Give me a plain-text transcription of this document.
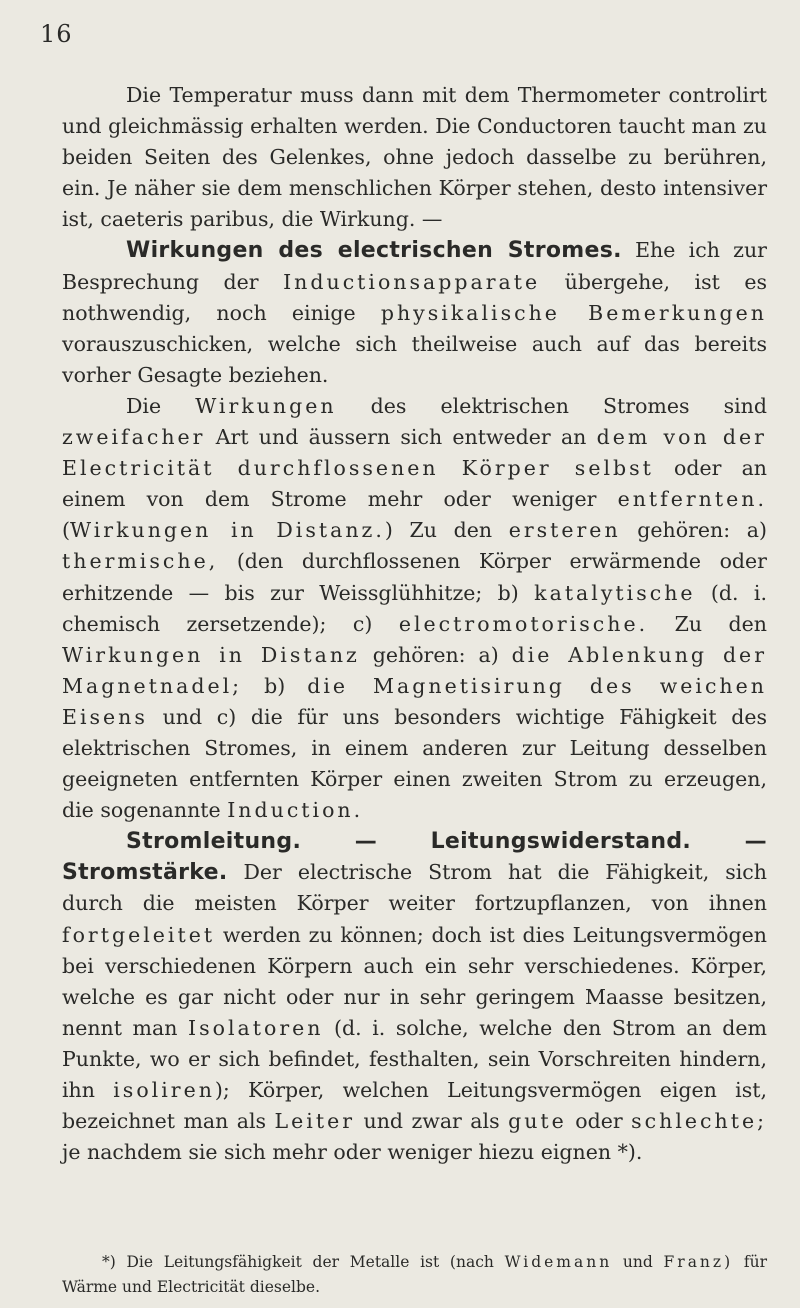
16

Die Temperatur muss dann mit dem Thermometer controlirt und gleichmässig erhalten werden. Die Conductoren taucht man zu beiden Seiten des Gelenkes, ohne jedoch dasselbe zu berühren, ein. Je näher sie dem menschlichen Körper stehen, desto intensiver ist, caeteris paribus, die Wirkung. —

Wirkungen des electrischen Stromes. Ehe ich zur Besprechung der Inductionsapparate übergehe, ist es nothwendig, noch einige physikalische Bemerkungen vorauszuschicken, welche sich theilweise auch auf das bereits vorher Gesagte beziehen.

Die Wirkungen des elektrischen Stromes sind zweifacher Art und äussern sich entweder an dem von der Electricität durchflossenen Körper selbst oder an einem von dem Strome mehr oder weniger entfernten. (Wirkungen in Distanz.) Zu den ersteren gehören: a) thermische, (den durchflossenen Körper erwärmende oder erhitzende — bis zur Weissglühhitze; b) katalytische (d. i. chemisch zersetzende); c) electromotorische. Zu den Wirkungen in Distanz gehören: a) die Ablenkung der Magnetnadel; b) die Magnetisirung des weichen Eisens und c) die für uns besonders wichtige Fähigkeit des elektrischen Stromes, in einem anderen zur Leitung desselben geeigneten entfernten Körper einen zweiten Strom zu erzeugen, die sogenannte Induction.

Stromleitung. — Leitungswiderstand. — Stromstärke. Der electrische Strom hat die Fähigkeit, sich durch die meisten Körper weiter fortzupflanzen, von ihnen fortgeleitet werden zu können; doch ist dies Leitungsvermögen bei verschiedenen Körpern auch ein sehr verschiedenes. Körper, welche es gar nicht oder nur in sehr geringem Maasse besitzen, nennt man Isolatoren (d. i. solche, welche den Strom an dem Punkte, wo er sich befindet, festhalten, sein Vorschreiten hindern, ihn isoliren); Körper, welchen Leitungsvermögen eigen ist, bezeichnet man als Leiter und zwar als gute oder schlechte; je nachdem sie sich mehr oder weniger hiezu eignen *).

*) Die Leitungsfähigkeit der Metalle ist (nach Widemann und Franz) für Wärme und Electricität dieselbe.
